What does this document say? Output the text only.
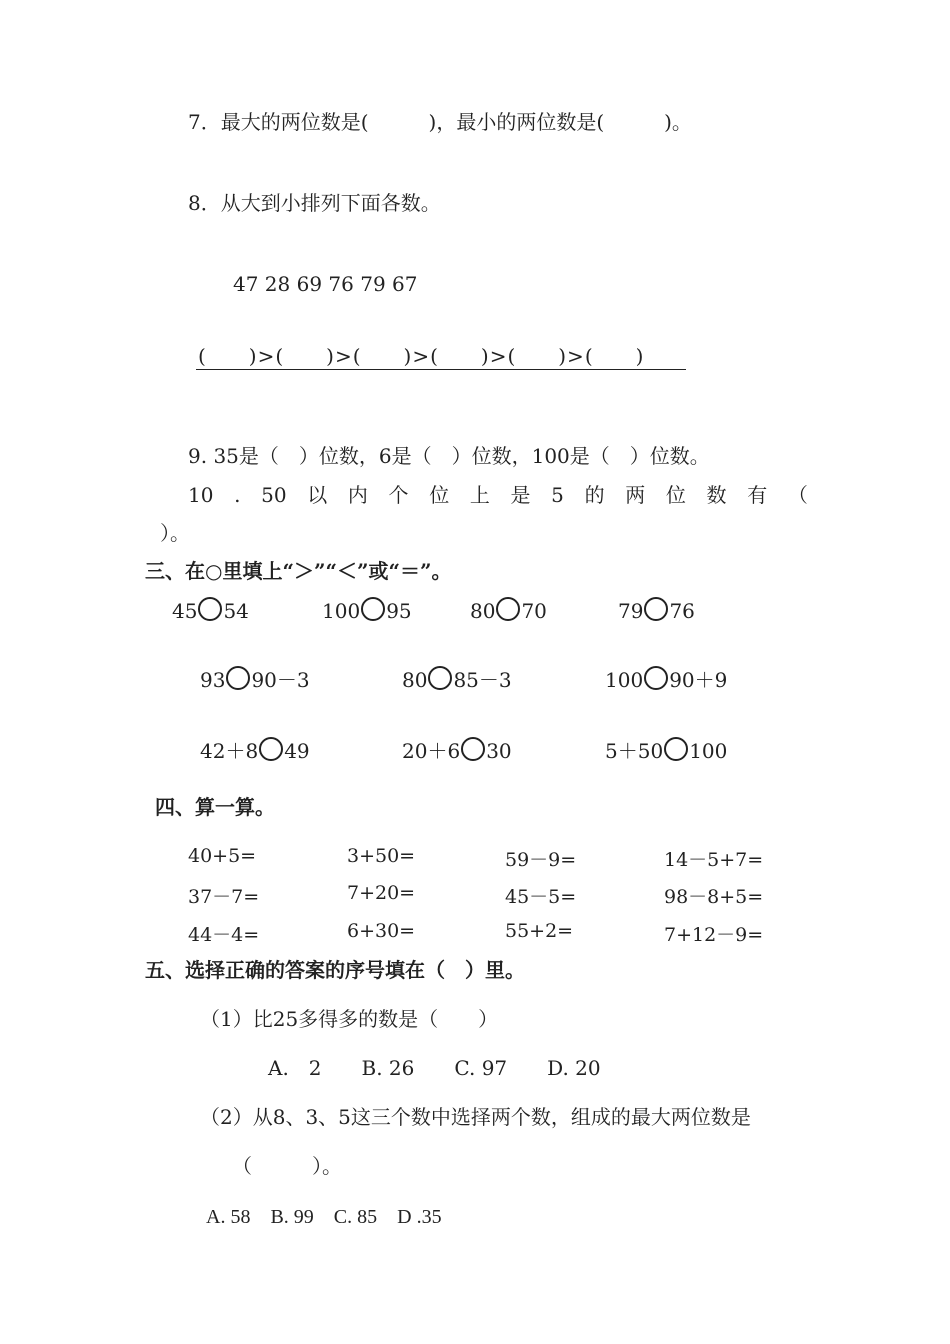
7．最大的两位数是(　　　)，最小的两位数是(　　　)。
8．从大到小排列下面各数。
47 28 69 76 79 67
(　　)>(　　)>(　　)>(　　)>(　　)>(　　)
9. 35是（　）位数，6是（　）位数，100是（　）位数。
10 . 50 以 内 个 位 上 是 5 的 两 位 数 有 （
）。
三、在○里填上“＞”“＜”或“＝”。
45 54	100 95	80 70	79 76
93 90－3	80 85－3	100 90＋9
42＋8 49	20＋6 30	5＋50 100
四、算一算。
40+5=	3+50=	59－9=	14－5+7=
37－7=	7+20=	45－5=	98－8+5=
44－4=	6+30=	55+2=	7+12－9=
五、选择正确的答案的序号填在（　）里。
（1）比25多得多的数是（　　）
A.　2　　B. 26　　C. 97　　D. 20
（2）从8、3、5这三个数中选择两个数，组成的最大两位数是
（　　　）。
A. 58　B. 99　C. 85　D .35
